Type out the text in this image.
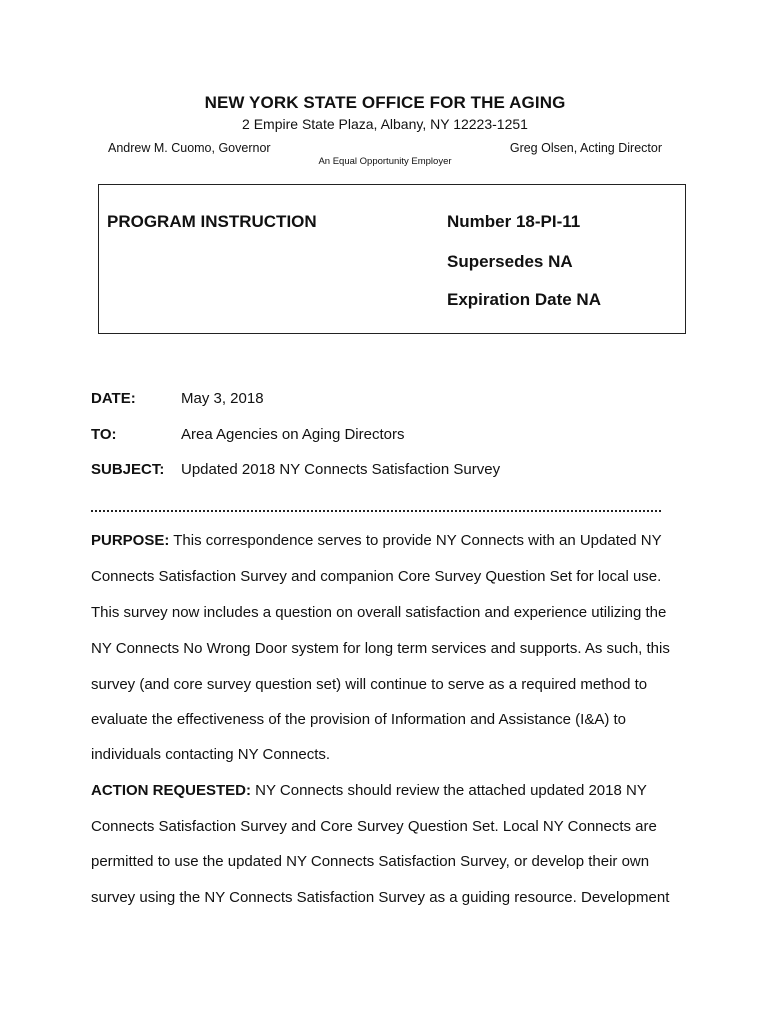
NEW YORK STATE OFFICE FOR THE AGING
2 Empire State Plaza, Albany, NY 12223-1251
Andrew M. Cuomo, Governor	Greg Olsen, Acting Director
An Equal Opportunity Employer
PROGRAM INSTRUCTION	Number 18-PI-11
Supersedes NA
Expiration Date NA
DATE:	May 3, 2018
TO:	Area Agencies on Aging Directors
SUBJECT: Updated 2018 NY Connects Satisfaction Survey
PURPOSE: This correspondence serves to provide NY Connects with an Updated NY
Connects Satisfaction Survey and companion Core Survey Question Set for local use.
This survey now includes a question on overall satisfaction and experience utilizing the
NY Connects No Wrong Door system for long term services and supports. As such, this
survey (and core survey question set) will continue to serve as a required method to
evaluate the effectiveness of the provision of Information and Assistance (I&A) to
individuals contacting NY Connects.
ACTION REQUESTED: NY Connects should review the attached updated 2018 NY
Connects Satisfaction Survey and Core Survey Question Set. Local NY Connects are
permitted to use the updated NY Connects Satisfaction Survey, or develop their own
survey using the NY Connects Satisfaction Survey as a guiding resource. Development
